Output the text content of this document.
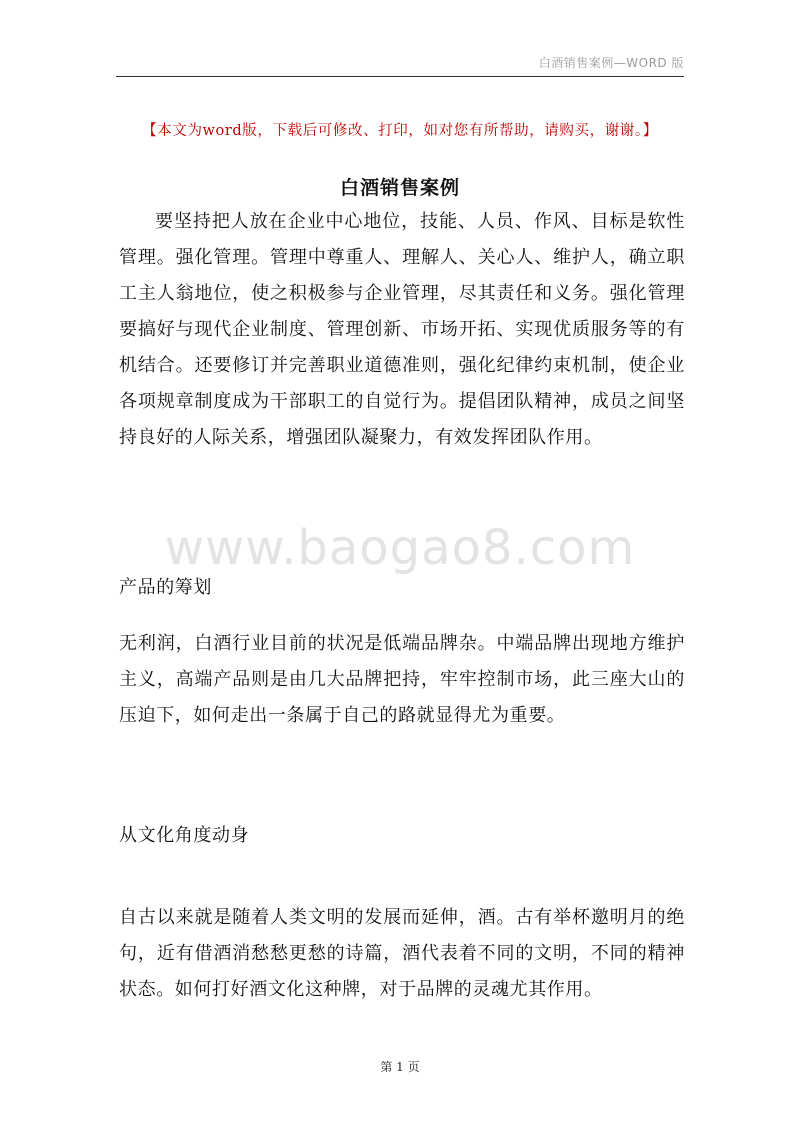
白酒销售案例—WORD 版
【本文为word版，下载后可修改、打印，如对您有所帮助，请购买，谢谢。】
白酒销售案例
要坚持把人放在企业中心地位，技能、人员、作风、目标是软性管理。强化管理。管理中尊重人、理解人、关心人、维护人，确立职工主人翁地位，使之积极参与企业管理，尽其责任和义务。强化管理要搞好与现代企业制度、管理创新、市场开拓、实现优质服务等的有机结合。还要修订并完善职业道德准则，强化纪律约束机制，使企业各项规章制度成为干部职工的自觉行为。提倡团队精神，成员之间坚持良好的人际关系，增强团队凝聚力，有效发挥团队作用。
www.baogao8.com
产品的筹划
无利润，白酒行业目前的状况是低端品牌杂。中端品牌出现地方维护主义，高端产品则是由几大品牌把持，牢牢控制市场，此三座大山的压迫下，如何走出一条属于自己的路就显得尤为重要。
从文化角度动身
自古以来就是随着人类文明的发展而延伸，酒。古有举杯邀明月的绝句，近有借酒消愁愁更愁的诗篇，酒代表着不同的文明，不同的精神状态。如何打好酒文化这种牌，对于品牌的灵魂尤其作用。
第 1 页
